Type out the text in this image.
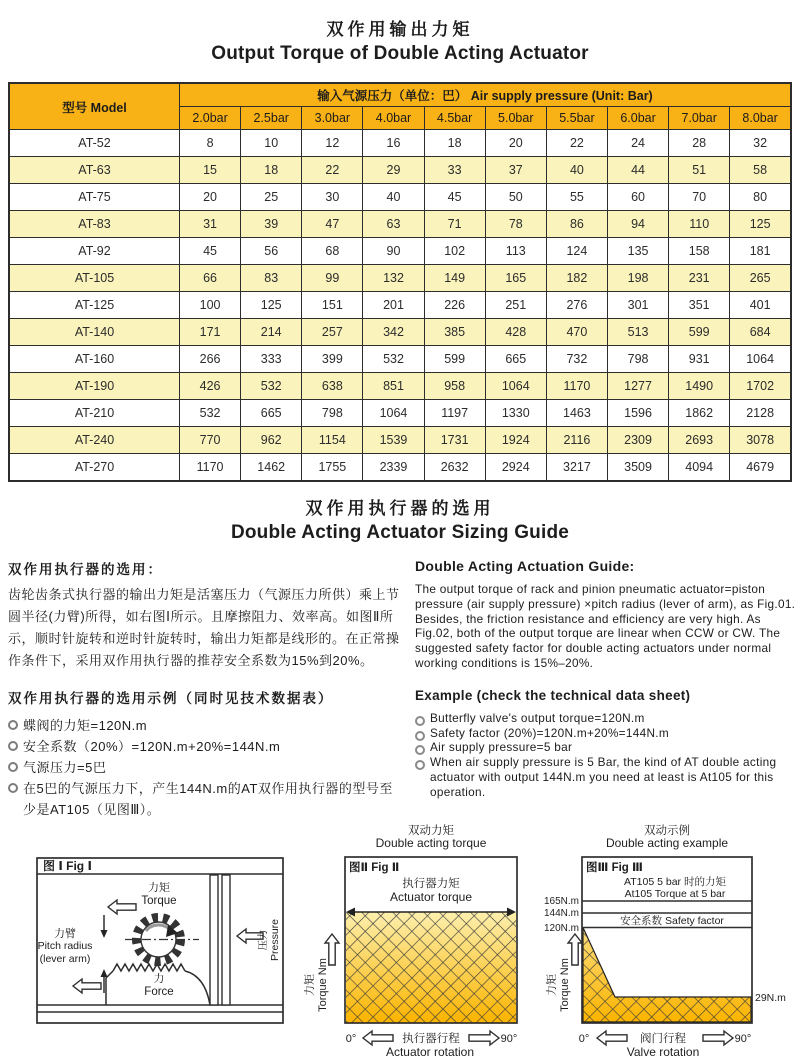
双作用输出力矩
Output Torque of Double Acting Actuator
型号 Model	输入气源压力（单位：巴） Air supply pressure (Unit: Bar)									
	2.0bar	2.5bar	3.0bar	4.0bar	4.5bar	5.0bar	5.5bar	6.0bar	7.0bar	8.0bar
AT-52	8	10	12	16	18	20	22	24	28	32
AT-63	15	18	22	29	33	37	40	44	51	58
AT-75	20	25	30	40	45	50	55	60	70	80
AT-83	31	39	47	63	71	78	86	94	110	125
AT-92	45	56	68	90	102	113	124	135	158	181
AT-105	66	83	99	132	149	165	182	198	231	265
AT-125	100	125	151	201	226	251	276	301	351	401
AT-140	171	214	257	342	385	428	470	513	599	684
AT-160	266	333	399	532	599	665	732	798	931	1064
AT-190	426	532	638	851	958	1064	1170	1277	1490	1702
AT-210	532	665	798	1064	1197	1330	1463	1596	1862	2128
AT-240	770	962	1154	1539	1731	1924	2116	2309	2693	3078
AT-270	1170	1462	1755	2339	2632	2924	3217	3509	4094	4679
双作用执行器的选用
Double Acting Actuator Sizing Guide

双作用执行器的选用：

齿轮齿条式执行器的输出力矩是活塞压力（气源压力所供）乘上节圆半径(力臂)所得，如右图Ⅰ所示。且摩擦阻力、效率高。如图Ⅱ所示，顺时针旋转和逆时针旋转时，输出力矩都是线形的。在正常操作条件下，采用双作用执行器的推荐安全系数为15%到20%。

双作用执行器的选用示例（同时见技术数据表）

蝶阀的力矩=120N.m
安全系数（20%）=120N.m+20%=144N.m
气源压力=5巴
在5巴的气源压力下，产生144N.m的AT双作用执行器的型号至少是AT105（见图Ⅲ）。

Double Acting Actuation Guide:

The output torque of rack and pinion pneumatic actuator=piston pressure (air supply pressure) ×pitch radius (lever of arm), as Fig.01. Besides, the friction resistance and efficiency are very high. As Fig.02, both of the output torque are linear when CCW or CW. The suggested safety factor for double acting actuators under normal working conditions is 15%–20%.

Example (check the technical data sheet)

Butterfly valve's output torque=120N.m
Safety factor (20%)=120N.m+20%=144N.m
Air supply pressure=5 bar
When air supply pressure is 5 Bar, the kind of AT double acting actuator with output 144N.m you need at least is At105 for this operation.
图 Ⅰ Fig Ⅰ
力矩
Torque
力臂
Pitch radius
(lever arm)
力
Force
压力 Pressure
双动力矩
Double acting torque
图Ⅱ Fig Ⅱ
执行器力矩
Actuator torque
力矩 Torque Nm
0°	执行器行程	90°
Actuator rotation
双动示例
Double acting example
图Ⅲ Fig Ⅲ
AT105 5 bar 时的力矩
At105 Torque at 5 bar
165N.m
144N.m
120N.m
安全系数 Safety factor
29N.m
力矩 Torque Nm
0°	阀门行程	90°
Valve rotation
